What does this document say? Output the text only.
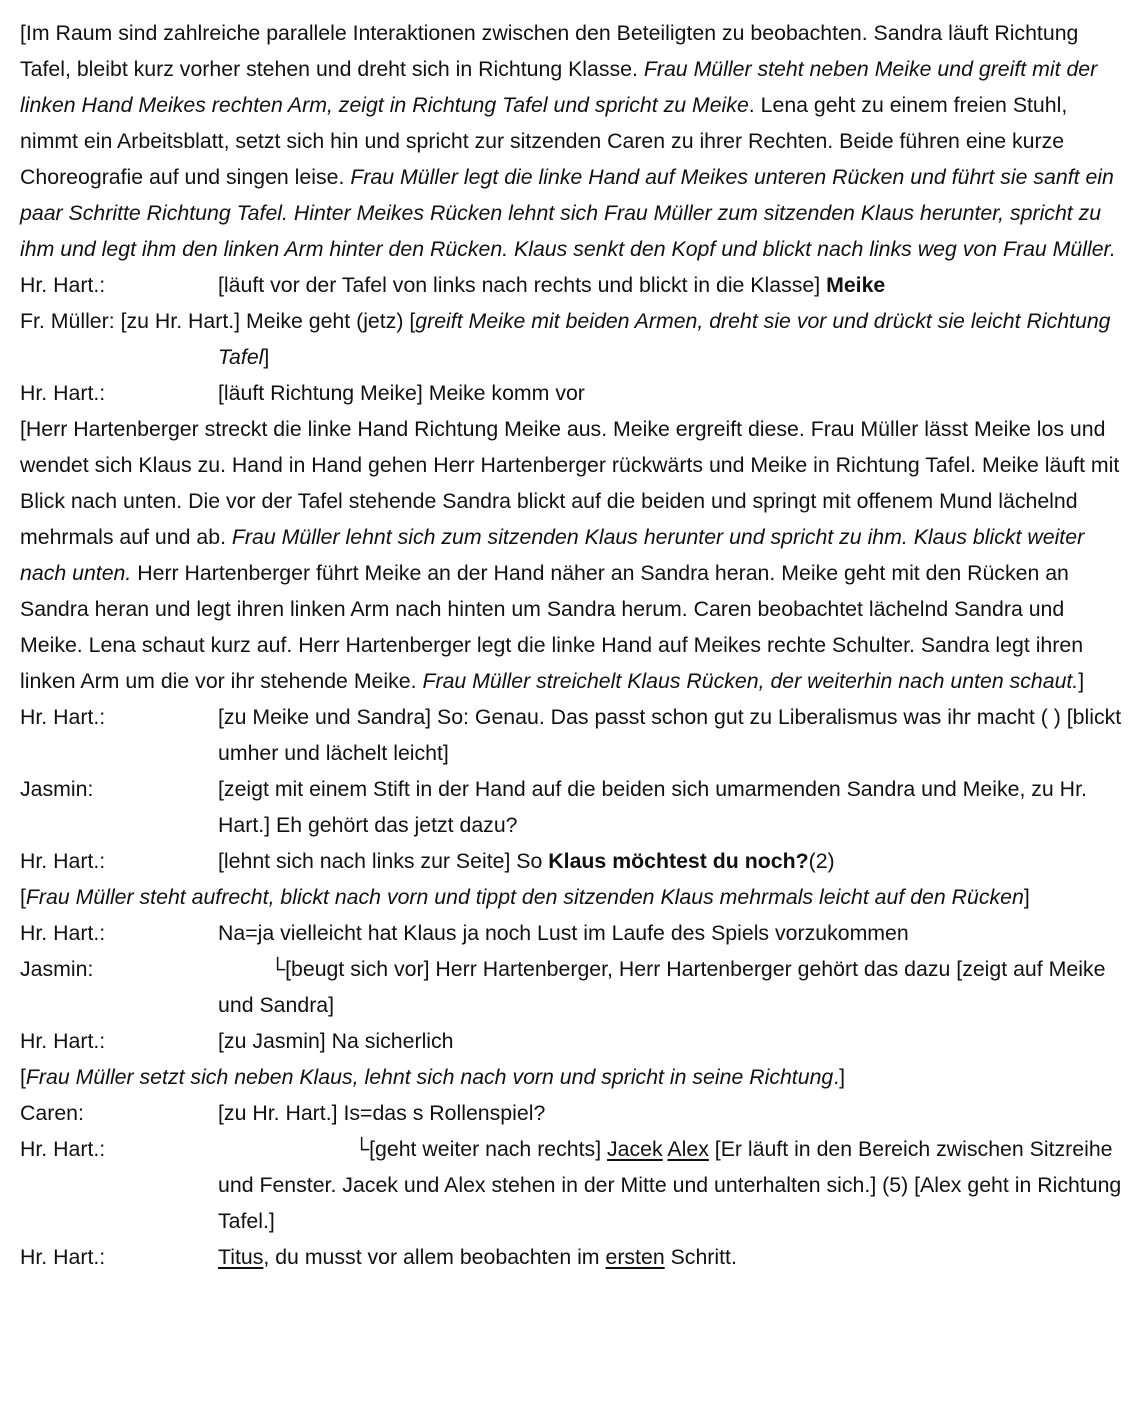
[Im Raum sind zahlreiche parallele Interaktionen zwischen den Beteiligten zu beobachten. Sandra läuft Richtung Tafel, bleibt kurz vorher stehen und dreht sich in Richtung Klasse. Frau Müller steht neben Meike und greift mit der linken Hand Meikes rechten Arm, zeigt in Richtung Tafel und spricht zu Meike. Lena geht zu einem freien Stuhl, nimmt ein Arbeitsblatt, setzt sich hin und spricht zur sitzenden Caren zu ihrer Rechten. Beide führen eine kurze Choreografie auf und singen leise. Frau Müller legt die linke Hand auf Meikes unteren Rücken und führt sie sanft ein paar Schritte Richtung Tafel. Hinter Meikes Rücken lehnt sich Frau Müller zum sitzenden Klaus herunter, spricht zu ihm und legt ihm den linken Arm hinter den Rücken. Klaus senkt den Kopf und blickt nach links weg von Frau Müller.

Hr. Hart.:	[läuft vor der Tafel von links nach rechts und blickt in die Klasse] Meike

Fr. Müller: [zu Hr. Hart.] Meike geht (jetz) [greift Meike mit beiden Armen, dreht sie vor und drückt sie leicht Richtung Tafel]

Hr. Hart.:	[läuft Richtung Meike] Meike komm vor

[Herr Hartenberger streckt die linke Hand Richtung Meike aus. Meike ergreift diese. Frau Müller lässt Meike los und wendet sich Klaus zu. Hand in Hand gehen Herr Hartenberger rückwärts und Meike in Richtung Tafel. Meike läuft mit Blick nach unten. Die vor der Tafel stehende Sandra blickt auf die beiden und springt mit offenem Mund lächelnd mehrmals auf und ab. Frau Müller lehnt sich zum sitzenden Klaus herunter und spricht zu ihm. Klaus blickt weiter nach unten. Herr Hartenberger führt Meike an der Hand näher an Sandra heran. Meike geht mit den Rücken an Sandra heran und legt ihren linken Arm nach hinten um Sandra herum. Caren beobachtet lächelnd Sandra und Meike. Lena schaut kurz auf. Herr Hartenberger legt die linke Hand auf Meikes rechte Schulter. Sandra legt ihren linken Arm um die vor ihr stehende Meike. Frau Müller streichelt Klaus Rücken, der weiterhin nach unten schaut.]

Hr. Hart.:	[zu Meike und Sandra] So: Genau. Das passt schon gut zu Liberalismus was ihr macht ( ) [blickt umher und lächelt leicht]
Jasmin:	[zeigt mit einem Stift in der Hand auf die beiden sich umarmenden Sandra und Meike, zu Hr. Hart.] Eh gehört das jetzt dazu?
Hr. Hart.:	[lehnt sich nach links zur Seite] So Klaus möchtest du noch?(2)

[Frau Müller steht aufrecht, blickt nach vorn und tippt den sitzenden Klaus mehrmals leicht auf den Rücken]

Hr. Hart.:	Na=ja vielleicht hat Klaus ja noch Lust im Laufe des Spiels vorzukommen
Jasmin:	└[beugt sich vor] Herr Hartenberger, Herr Hartenberger gehört das dazu [zeigt auf Meike und Sandra]
Hr. Hart.:	[zu Jasmin] Na sicherlich

[Frau Müller setzt sich neben Klaus, lehnt sich nach vorn und spricht in seine Richtung.]

Caren:	[zu Hr. Hart.] Is=das s Rollenspiel?
Hr. Hart.:	└[geht weiter nach rechts] Jacek Alex [Er läuft in den Bereich zwischen Sitzreihe und Fenster. Jacek und Alex stehen in der Mitte und unterhalten sich.] (5) [Alex geht in Richtung Tafel.]
Hr. Hart.:	Titus, du musst vor allem beobachten im ersten Schritt.
